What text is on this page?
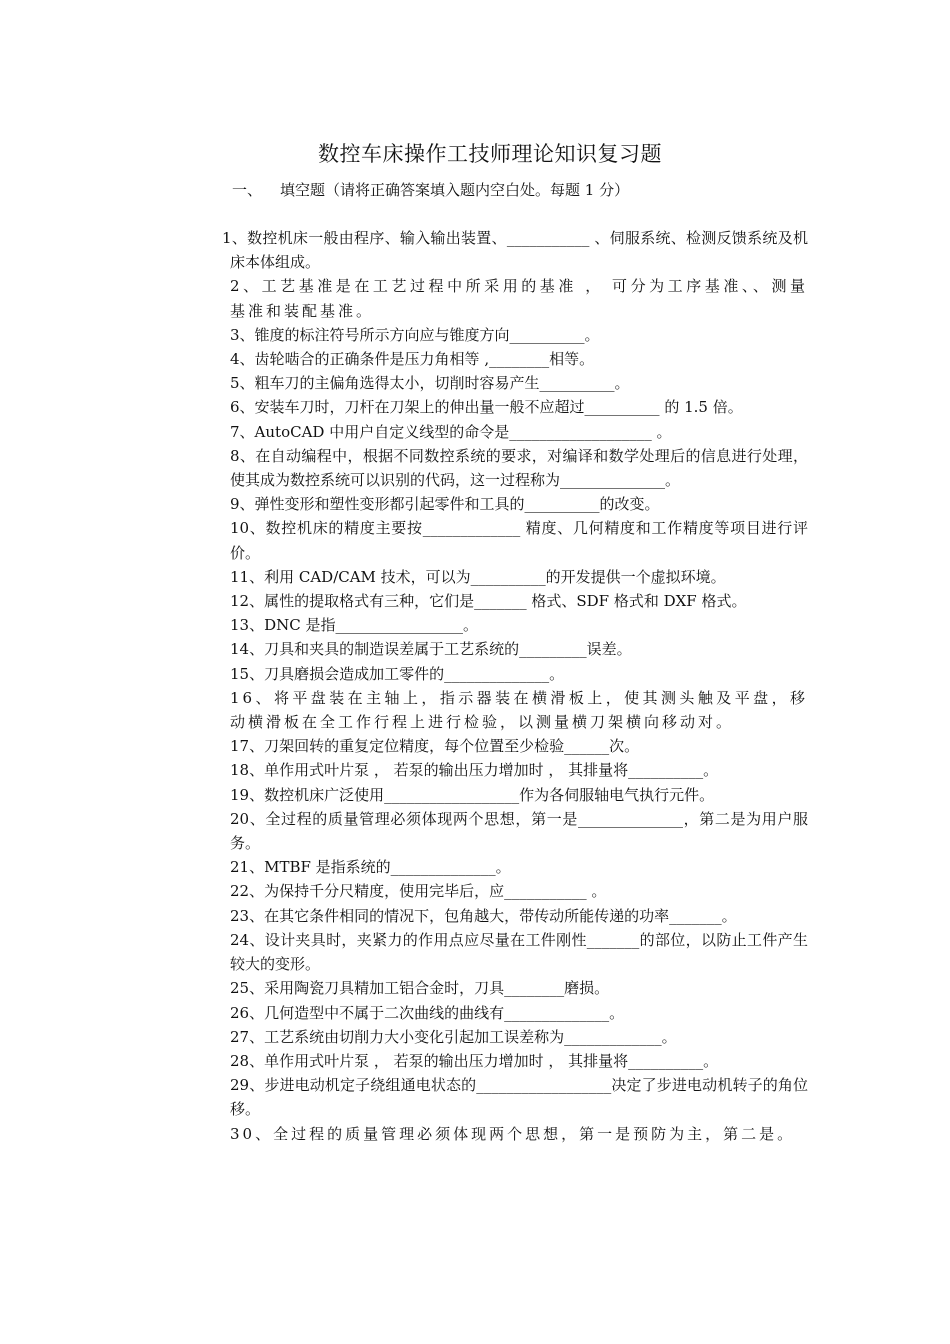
数控车床操作工技师理论知识复习题
一、 填空题（请将正确答案填入题内空白处。每题 1 分）
1、数控机床一般由程序、输入输出装置、___________ 、伺服系统、检测反馈系统及机床本体组成。
2、工艺基准是在工艺过程中所采用的基准 ， 可分为工序基准、、测量基准和装配基准。
3、锥度的标注符号所示方向应与锥度方向__________。
4、齿轮啮合的正确条件是压力角相等 ,________相等。
5、粗车刀的主偏角选得太小，切削时容易产生__________。
6、安装车刀时，刀杆在刀架上的伸出量一般不应超过__________ 的 1.5 倍。
7、AutoCAD 中用户自定义线型的命令是___________________ 。
8、在自动编程中，根据不同数控系统的要求，对编译和数学处理后的信息进行处理，使其成为数控系统可以识别的代码，这一过程称为______________。
9、弹性变形和塑性变形都引起零件和工具的__________的改变。
10、数控机床的精度主要按_____________ 精度、几何精度和工作精度等项目进行评价。
11、利用 CAD/CAM 技术，可以为__________的开发提供一个虚拟环境。
12、属性的提取格式有三种，它们是_______ 格式、SDF 格式和 DXF 格式。
13、DNC 是指_________________。
14、刀具和夹具的制造误差属于工艺系统的_________误差。
15、刀具磨损会造成加工零件的______________。
16、将平盘装在主轴上，指示器装在横滑板上，使其测头触及平盘，移动横滑板在全工作行程上进行检验，以测量横刀架横向移动对。
17、刀架回转的重复定位精度，每个位置至少检验______次。
18、单作用式叶片泵 ， 若泵的输出压力增加时 ， 其排量将__________。
19、数控机床广泛使用__________________作为各伺服轴电气执行元件。
20、全过程的质量管理必须体现两个思想，第一是______________，第二是为用户服务。
21、MTBF 是指系统的______________。
22、为保持千分尺精度，使用完毕后，应___________ 。
23、在其它条件相同的情况下，包角越大，带传动所能传递的功率_______。
24、设计夹具时，夹紧力的作用点应尽量在工件刚性_______的部位，以防止工件产生较大的变形。
25、采用陶瓷刀具精加工铝合金时，刀具________磨损。
26、几何造型中不属于二次曲线的曲线有______________。
27、工艺系统由切削力大小变化引起加工误差称为_____________。
28、单作用式叶片泵 ， 若泵的输出压力增加时 ， 其排量将__________。
29、步进电动机定子绕组通电状态的__________________决定了步进电动机转子的角位移。
30、全过程的质量管理必须体现两个思想，第一是预防为主，第二是。
